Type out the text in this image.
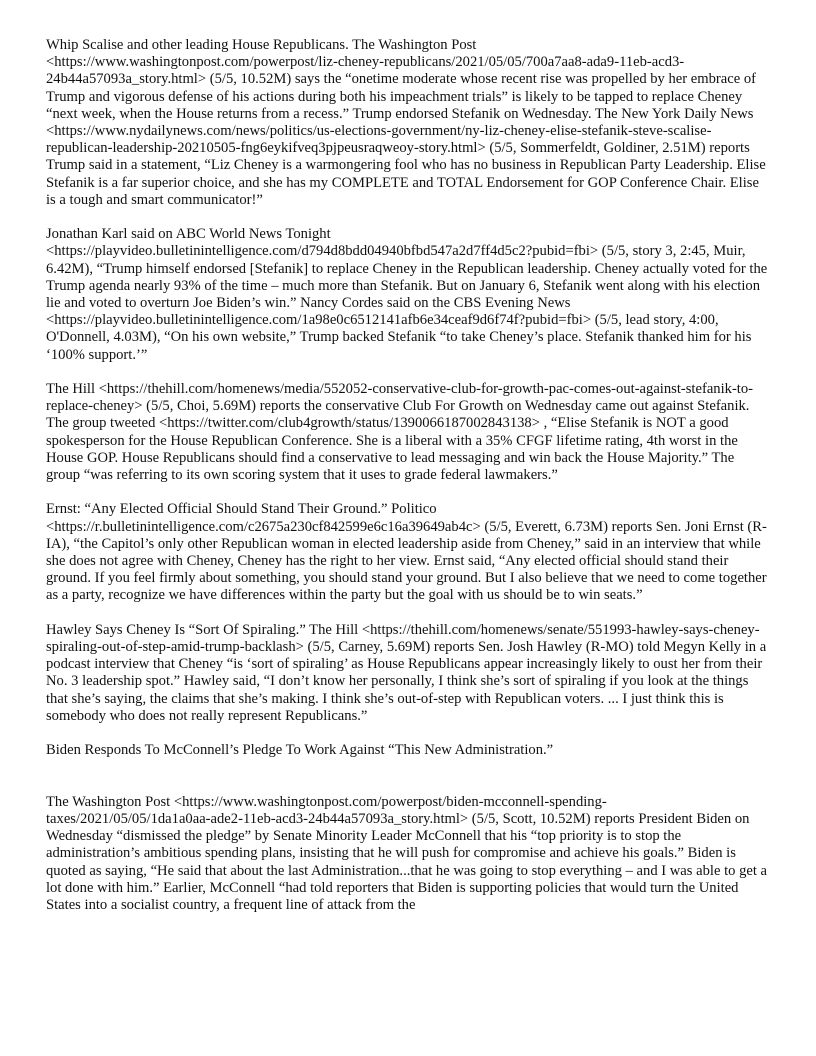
Whip Scalise and other leading House Republicans. The Washington Post <https://www.washingtonpost.com/powerpost/liz-cheney-republicans/2021/05/05/700a7aa8-ada9-11eb-acd3-24b44a57093a_story.html> (5/5, 10.52M) says the “onetime moderate whose recent rise was propelled by her embrace of Trump and vigorous defense of his actions during both his impeachment trials” is likely to be tapped to replace Cheney “next week, when the House returns from a recess.” Trump endorsed Stefanik on Wednesday. The New York Daily News <https://www.nydailynews.com/news/politics/us-elections-government/ny-liz-cheney-elise-stefanik-steve-scalise-republican-leadership-20210505-fng6eykifveq3pjpeusraqweoy-story.html> (5/5, Sommerfeldt, Goldiner, 2.51M) reports Trump said in a statement, “Liz Cheney is a warmongering fool who has no business in Republican Party Leadership. Elise Stefanik is a far superior choice, and she has my COMPLETE and TOTAL Endorsement for GOP Conference Chair. Elise is a tough and smart communicator!”

Jonathan Karl said on ABC World News Tonight <https://playvideo.bulletinintelligence.com/d794d8bdd04940bfbd547a2d7ff4d5c2?pubid=fbi> (5/5, story 3, 2:45, Muir, 6.42M), “Trump himself endorsed [Stefanik] to replace Cheney in the Republican leadership. Cheney actually voted for the Trump agenda nearly 93% of the time – much more than Stefanik. But on January 6, Stefanik went along with his election lie and voted to overturn Joe Biden’s win.” Nancy Cordes said on the CBS Evening News <https://playvideo.bulletinintelligence.com/1a98e0c6512141afb6e34ceaf9d6f74f?pubid=fbi> (5/5, lead story, 4:00, O'Donnell, 4.03M), “On his own website,” Trump backed Stefanik “to take Cheney’s place. Stefanik thanked him for his ‘100% support.’”

The Hill <https://thehill.com/homenews/media/552052-conservative-club-for-growth-pac-comes-out-against-stefanik-to-replace-cheney> (5/5, Choi, 5.69M) reports the conservative Club For Growth on Wednesday came out against Stefanik. The group tweeted <https://twitter.com/club4growth/status/1390066187002843138> , “Elise Stefanik is NOT a good spokesperson for the House Republican Conference. She is a liberal with a 35% CFGF lifetime rating, 4th worst in the House GOP. House Republicans should find a conservative to lead messaging and win back the House Majority.” The group “was referring to its own scoring system that it uses to grade federal lawmakers.”

Ernst: “Any Elected Official Should Stand Their Ground.” Politico <https://r.bulletinintelligence.com/c2675a230cf842599e6c16a39649ab4c> (5/5, Everett, 6.73M) reports Sen. Joni Ernst (R-IA), “the Capitol’s only other Republican woman in elected leadership aside from Cheney,” said in an interview that while she does not agree with Cheney, Cheney has the right to her view. Ernst said, “Any elected official should stand their ground. If you feel firmly about something, you should stand your ground. But I also believe that we need to come together as a party, recognize we have differences within the party but the goal with us should be to win seats.”

Hawley Says Cheney Is “Sort Of Spiraling.” The Hill <https://thehill.com/homenews/senate/551993-hawley-says-cheney-spiraling-out-of-step-amid-trump-backlash> (5/5, Carney, 5.69M) reports Sen. Josh Hawley (R-MO) told Megyn Kelly in a podcast interview that Cheney “is ‘sort of spiraling’ as House Republicans appear increasingly likely to oust her from their No. 3 leadership spot.” Hawley said, “I don’t know her personally, I think she’s sort of spiraling if you look at the things that she’s saying, the claims that she’s making. I think she’s out-of-step with Republican voters. ... I just think this is somebody who does not really represent Republicans.”

Biden Responds To McConnell’s Pledge To Work Against “This New Administration.”

The Washington Post <https://www.washingtonpost.com/powerpost/biden-mcconnell-spending-taxes/2021/05/05/1da1a0aa-ade2-11eb-acd3-24b44a57093a_story.html> (5/5, Scott, 10.52M) reports President Biden on Wednesday “dismissed the pledge” by Senate Minority Leader McConnell that his “top priority is to stop the administration’s ambitious spending plans, insisting that he will push for compromise and achieve his goals.” Biden is quoted as saying, “He said that about the last Administration...that he was going to stop everything – and I was able to get a lot done with him.” Earlier, McConnell “had told reporters that Biden is supporting policies that would turn the United States into a socialist country, a frequent line of attack from the
